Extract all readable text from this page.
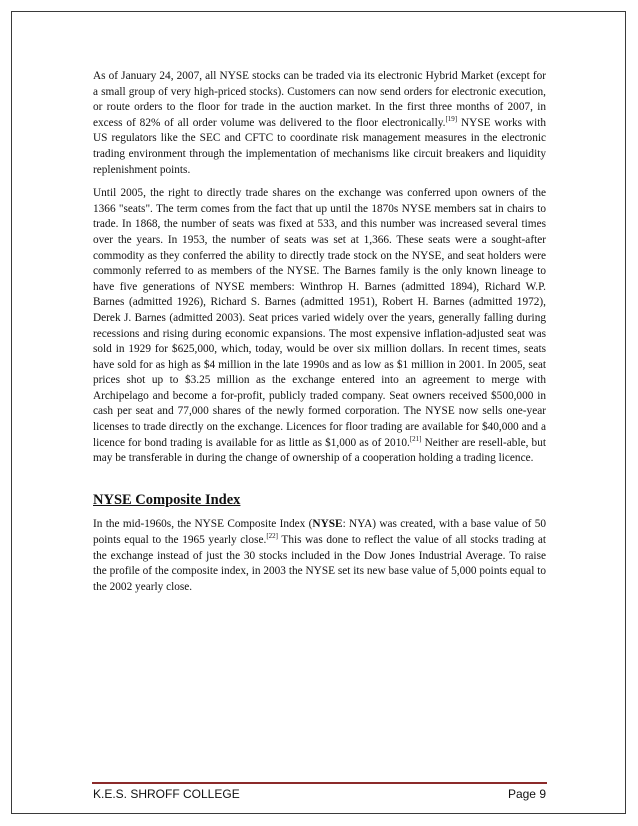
As of January 24, 2007, all NYSE stocks can be traded via its electronic Hybrid Market (except for a small group of very high-priced stocks). Customers can now send orders for electronic execution, or route orders to the floor for trade in the auction market. In the first three months of 2007, in excess of 82% of all order volume was delivered to the floor electronically.[19] NYSE works with US regulators like the SEC and CFTC to coordinate risk management measures in the electronic trading environment through the implementation of mechanisms like circuit breakers and liquidity replenishment points.

Until 2005, the right to directly trade shares on the exchange was conferred upon owners of the 1366 "seats". The term comes from the fact that up until the 1870s NYSE members sat in chairs to trade. In 1868, the number of seats was fixed at 533, and this number was increased several times over the years. In 1953, the number of seats was set at 1,366. These seats were a sought-after commodity as they conferred the ability to directly trade stock on the NYSE, and seat holders were commonly referred to as members of the NYSE. The Barnes family is the only known lineage to have five generations of NYSE members: Winthrop H. Barnes (admitted 1894), Richard W.P. Barnes (admitted 1926), Richard S. Barnes (admitted 1951), Robert H. Barnes (admitted 1972), Derek J. Barnes (admitted 2003). Seat prices varied widely over the years, generally falling during recessions and rising during economic expansions. The most expensive inflation-adjusted seat was sold in 1929 for $625,000, which, today, would be over six million dollars. In recent times, seats have sold for as high as $4 million in the late 1990s and as low as $1 million in 2001. In 2005, seat prices shot up to $3.25 million as the exchange entered into an agreement to merge with Archipelago and become a for-profit, publicly traded company. Seat owners received $500,000 in cash per seat and 77,000 shares of the newly formed corporation. The NYSE now sells one-year licenses to trade directly on the exchange. Licences for floor trading are available for $40,000 and a licence for bond trading is available for as little as $1,000 as of 2010.[21] Neither are resell-able, but may be transferable in during the change of ownership of a cooperation holding a trading licence.

NYSE Composite Index

In the mid-1960s, the NYSE Composite Index (NYSE: NYA) was created, with a base value of 50 points equal to the 1965 yearly close.[22] This was done to reflect the value of all stocks trading at the exchange instead of just the 30 stocks included in the Dow Jones Industrial Average. To raise the profile of the composite index, in 2003 the NYSE set its new base value of 5,000 points equal to the 2002 yearly close.

K.E.S. SHROFF COLLEGE	Page 9
